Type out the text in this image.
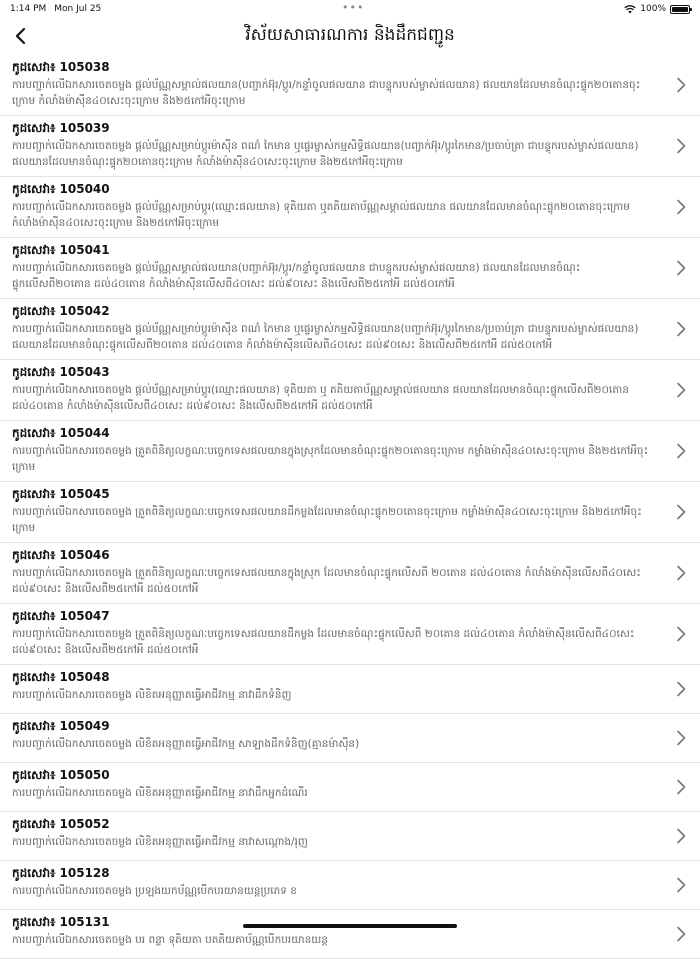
1:14 PM Mon Jul 25	•••	100%
វិស័យសាធារណការ និងដឹកជញ្ជូន
កូដសេវា៖ 105038
ការបញ្ជាក់លើឯកសារចេតចម្លង ផ្តល់ប័ណ្ណសម្គាល់ផលយាន(បញ្ជាក់អ៊ុរ/ប្ដូរ/កន្ទាំចូលផលយាន ជាបន្ទុករបស់ម្ចាស់ផលយាន) ផលយានដែលមានចំណុះផ្ទុក២០តោនចុះក្រោម កំលាំងម៉ាស៊ីន៤០សេះចុះក្រោម និង២៥កៅអីចុះក្រោម
កូដសេវា៖ 105039
ការបញ្ជាក់លើឯកសារចេតចម្លង ផ្តល់ប័ណ្ណសម្រាប់ប្តូរម៉ាស៊ីន ពណ៌ កៃមាន ឬផ្ទេរម្ចាស់កម្មសិទ្ធិផលយាន(បញ្ជាក់អ៊ុរ/ប្តូរកៃមាន/ប្រចាប់ត្រា ជាបន្ទុករបស់ម្ចាស់ផលយាន) ផលយានដែលមានចំណុះផ្ទុក២០តោនចុះក្រោម កំលាំងម៉ាស៊ីន៤០សេះចុះក្រោម និង២៥កៅអីចុះក្រោម
កូដសេវា៖ 105040
ការបញ្ជាក់លើឯកសារចេតចម្លង ផ្តល់ប័ណ្ណសម្រាប់ប្តូរ(ឈ្មោះផលយាន) ទុតិយតា ឬតតិយតាប័ណ្ណសម្គាល់ផលយាន ផលយានដែលមានចំណុះផ្ទុក២០តោនចុះក្រោម កំលាំងម៉ាស៊ីន៤០សេះចុះក្រោម និង២៥កៅអីចុះក្រោម
កូដសេវា៖ 105041
ការបញ្ជាក់លើឯកសារចេតចម្លង ផ្តល់ប័ណ្ណសម្គាល់ផលយាន(បញ្ជាក់អ៊ុរ/ប្តូរ/កន្ទាំចូលផលយាន ជាបន្ទុករបស់ម្ចាស់ផលយាន) ផលយានដែលមានចំណុះផ្ទុកលើសពី២០តោន ដល់៤០តោន កំលាំងម៉ាស៊ីនលើសពី៤០សេះ ដល់៩០សេះ និងលើសពី២៥កៅអី ដល់៥០កៅអី
កូដសេវា៖ 105042
ការបញ្ជាក់លើឯកសារចេតចម្លង ផ្តល់ប័ណ្ណសម្រាប់ប្តូរម៉ាស៊ីន ពណ៌ កៃមាន ឬផ្ទេរម្ចាស់កម្មសិទ្ធិផលយាន(បញ្ជាក់អ៊ុរ/ប្តូរកៃមាន/ប្រចាប់ត្រា ជាបន្ទុករបស់ម្ចាស់ផលយាន) ផលយានដែលមានចំណុះផ្ទុកលើសពី២០តោន ដល់៤០តោន កំលាំងម៉ាស៊ីនលើសពី៤០សេះ ដល់៩០សេះ និងលើសពី២៥កៅអី ដល់៥០កៅអី
កូដសេវា៖ 105043
ការបញ្ជាក់លើឯកសារចេតចម្លង ផ្តល់ប័ណ្ណសម្រាប់ប្តូរ(ឈ្មោះផលយាន) ទុតិយតា ឬ តតិយតាប័ណ្ណសម្គាល់ផលយាន ផលយានដែលមានចំណុះផ្ទុកលើសពី២០តោន ដល់៤០តោន កំលាំងម៉ាស៊ីនលើសពី៤០សេះ ដល់៩០សេះ និងលើសពី២៥កៅអី ដល់៥០កៅអី
កូដសេវា៖ 105044
ការបញ្ជាក់លើឯកសារចេតចម្លង ត្រួតពិនិត្យលក្ខណៈបច្ចេកទេសផលយានក្នុងស្រុកដែលមានចំណុះផ្ទុក២០តោនចុះក្រោម កម្លាំងម៉ាស៊ីន៤០សេះចុះក្រោម និង២៥កៅអីចុះក្រោម
កូដសេវា៖ 105045
ការបញ្ជាក់លើឯកសារចេតចម្លង ត្រួតពិនិត្យលក្ខណៈបច្ចេកទេសផលយានដឹកម្លងដែលមានចំណុះផ្ទុក២០តោនចុះក្រោម កម្លាំងម៉ាស៊ីន៤០សេះចុះក្រោម និង២៥កៅអីចុះក្រោម
កូដសេវា៖ 105046
ការបញ្ជាក់លើឯកសារចេតចម្លង ត្រួតពិនិត្យលក្ខណៈបច្ចេកទេសផលយានក្នុងស្រុក ដែលមានចំណុះផ្ទុកលើសពី ២០តោន ដល់៤០តោន កំលាំងម៉ាស៊ីនលើសពី៤០សេះ ដល់៩០សេះ និងលើសពី២៥កៅអី ដល់៥០កៅអី
កូដសេវា៖ 105047
ការបញ្ជាក់លើឯកសារចេតចម្លង ត្រួតពិនិត្យលក្ខណៈបច្ចេកទេសផលយានដឹកម្លង ដែលមានចំណុះផ្ទុកលើសពី ២០តោន ដល់៤០តោន កំលាំងម៉ាស៊ីនលើសពី៤០សេះ ដល់៩០សេះ និងលើសពី២៥កៅអី ដល់៥០កៅអី
កូដសេវា៖ 105048
ការបញ្ជាក់លើឯកសារចេតចម្លង លិខិតអនុញ្ញាតធ្វើអាជីវកម្ម នាវាដឹកទំនិញ
កូដសេវា៖ 105049
ការបញ្ជាក់លើឯកសារចេតចម្លង លិខិតអនុញ្ញាតធ្វើអាជីវកម្ម សាឡាងដឹកទំនិញ(គ្មានម៉ាស៊ីន)
កូដសេវា៖ 105050
ការបញ្ជាក់លើឯកសារចេតចម្លង លិខិតអនុញ្ញាតធ្វើអាជីវកម្ម នាវាដឹកអ្នកដំណើរ
កូដសេវា៖ 105052
ការបញ្ជាក់លើឯកសារចេតចម្លង លិខិតអនុញ្ញាតធ្វើអាជីវកម្ម នាវាសណ្តោង/រុញ
កូដសេវា៖ 105128
ការបញ្ជាក់លើឯកសារចេតចម្លង ប្រឡងយកប័ណ្ណបើកបរយានយន្តប្រភេទ ខ
កូដសេវា៖ 105131
ការបញ្ជាក់លើឯកសារចេតចម្លង បរ ពន្លា ទុតិយតា បតតិយតាប័ណ្ណបើកបរយានយន្ត
